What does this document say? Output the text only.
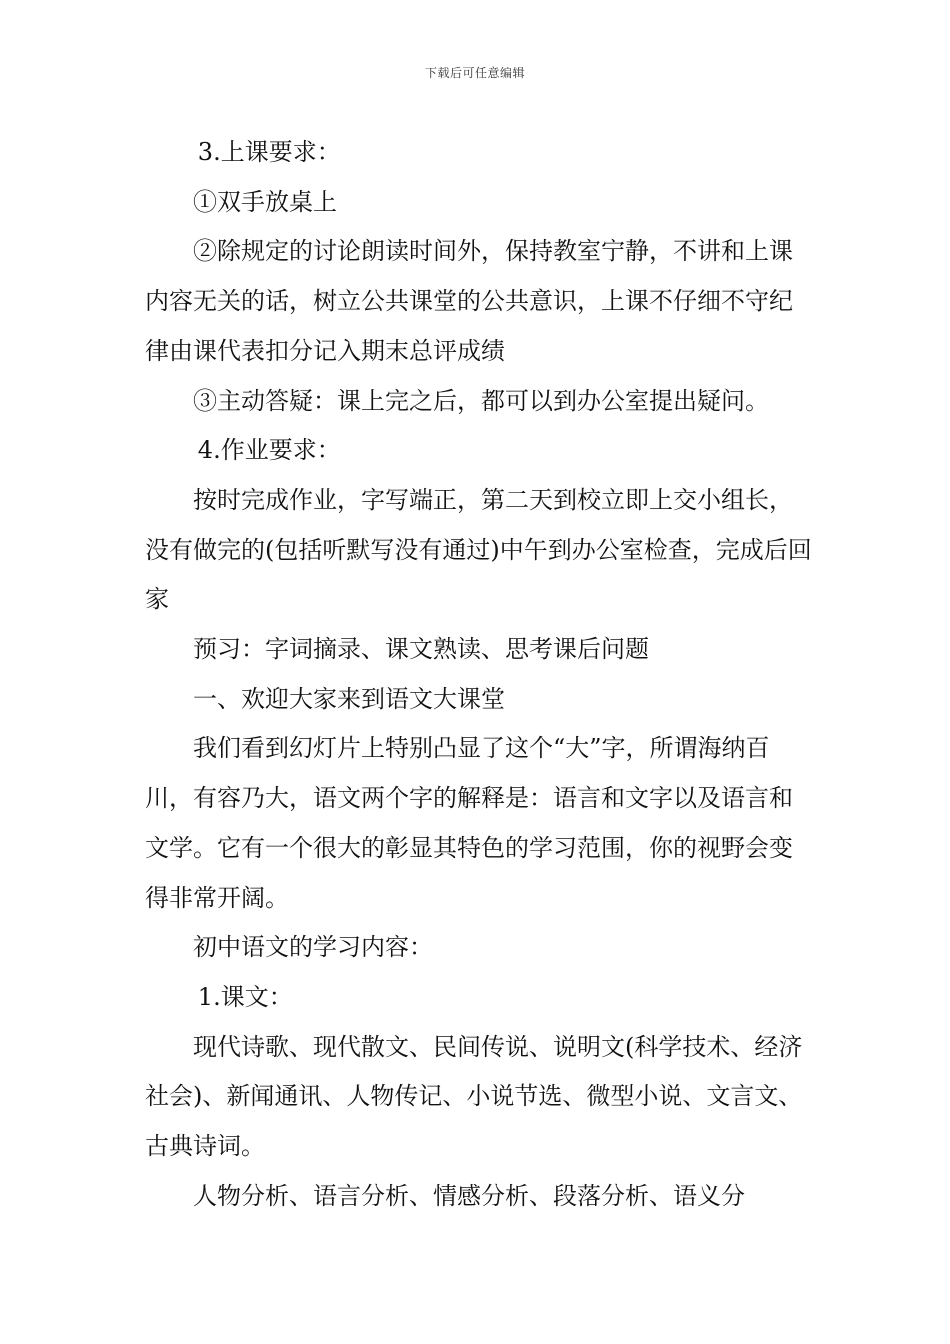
下载后可任意编辑

3.上课要求：

①双手放桌上

②除规定的讨论朗读时间外，保持教室宁静，不讲和上课内容无关的话，树立公共课堂的公共意识，上课不仔细不守纪律由课代表扣分记入期末总评成绩

③主动答疑：课上完之后，都可以到办公室提出疑问。

4.作业要求：

按时完成作业，字写端正，第二天到校立即上交小组长，没有做完的(包括听默写没有通过)中午到办公室检查，完成后回家

预习：字词摘录、课文熟读、思考课后问题

一、欢迎大家来到语文大课堂

我们看到幻灯片上特别凸显了这个“大”字，所谓海纳百川，有容乃大，语文两个字的解释是：语言和文字以及语言和文学。它有一个很大的彰显其特色的学习范围，你的视野会变得非常开阔。

初中语文的学习内容：

1.课文：

现代诗歌、现代散文、民间传说、说明文(科学技术、经济社会)、新闻通讯、人物传记、小说节选、微型小说、文言文、古典诗词。

人物分析、语言分析、情感分析、段落分析、语义分
